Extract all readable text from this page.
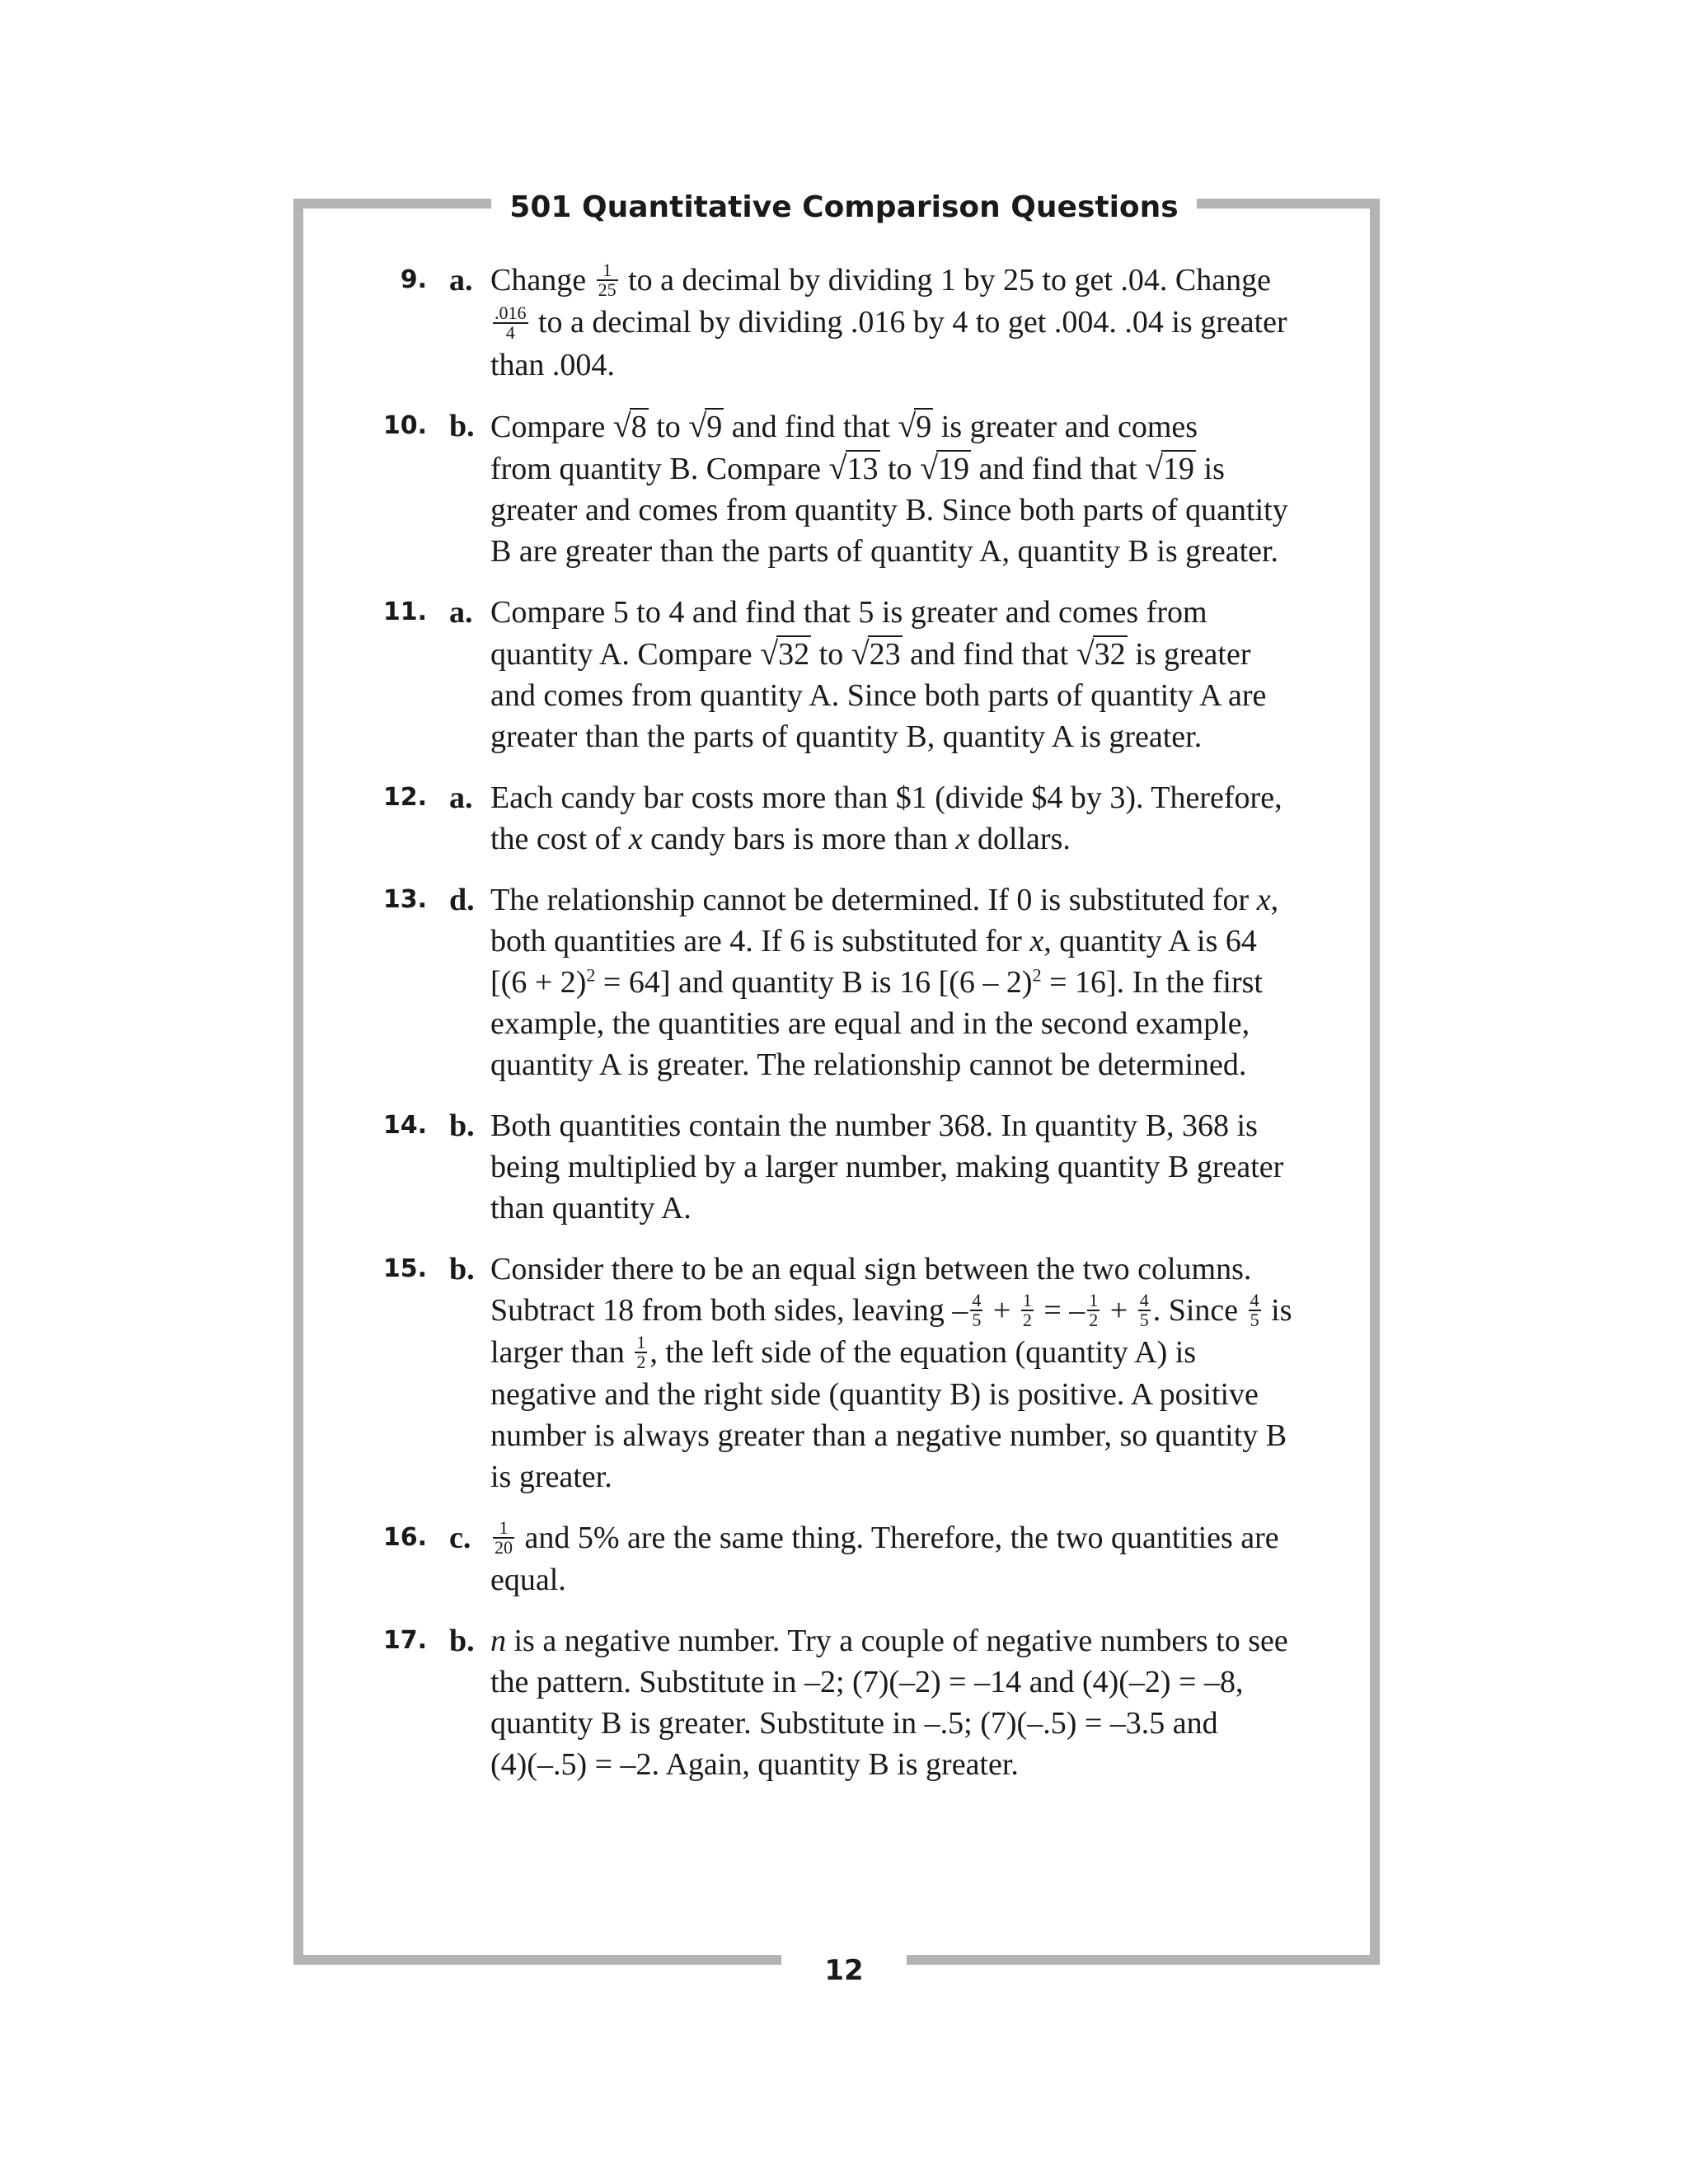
501 Quantitative Comparison Questions
9. a. Change $\frac{1}{25}$ to a decimal by dividing 1 by 25 to get .04. Change
$\frac{.016}{4}$ to a decimal by dividing .016 by 4 to get .004. .04 is greater
than .004.
10. b. Compare √8 to √9 and find that √9 is greater and comes
from quantity B. Compare √13 to √19 and find that √19 is
greater and comes from quantity B. Since both parts of quantity
B are greater than the parts of quantity A, quantity B is greater.
11. a. Compare 5 to 4 and find that 5 is greater and comes from
quantity A. Compare √32 to √23 and find that √32 is greater
and comes from quantity A. Since both parts of quantity A are
greater than the parts of quantity B, quantity A is greater.
12. a. Each candy bar costs more than $1 (divide $4 by 3). Therefore,
the cost of x candy bars is more than x dollars.
13. d. The relationship cannot be determined. If 0 is substituted for x,
both quantities are 4. If 6 is substituted for x, quantity A is 64
$[(6 + 2)^2 = 64]$ and quantity B is 16 [(6 – 2)$^2$ = 16]. In the first
example, the quantities are equal and in the second example,
quantity A is greater. The relationship cannot be determined.
14. b. Both quantities contain the number 368. In quantity B, 368 is
being multiplied by a larger number, making quantity B greater
than quantity A.
15. b. Consider there to be an equal sign between the two columns.
Subtract 18 from both sides, leaving – $\frac{4}{5} + \frac{1}{2}$ = – $\frac{1}{2} + \frac{4}{5}$ . Since $\frac{4}{5}$ is
larger than $\frac{1}{2}$ , the left side of the equation (quantity A) is
negative and the right side (quantity B) is positive. A positive
number is always greater than a negative number, so quantity B
is greater.
16. c. $\frac{1}{20}$ and 5% are the same thing. Therefore, the two quantities are
equal.
17. b. n is a negative number. Try a couple of negative numbers to see
the pattern. Substitute in –2; (7)(–2) = –14 and (4)(–2) = –8,
quantity B is greater. Substitute in –.5; (7)(–.5) = –3.5 and
(4)(–.5) = –2. Again, quantity B is greater.
12
